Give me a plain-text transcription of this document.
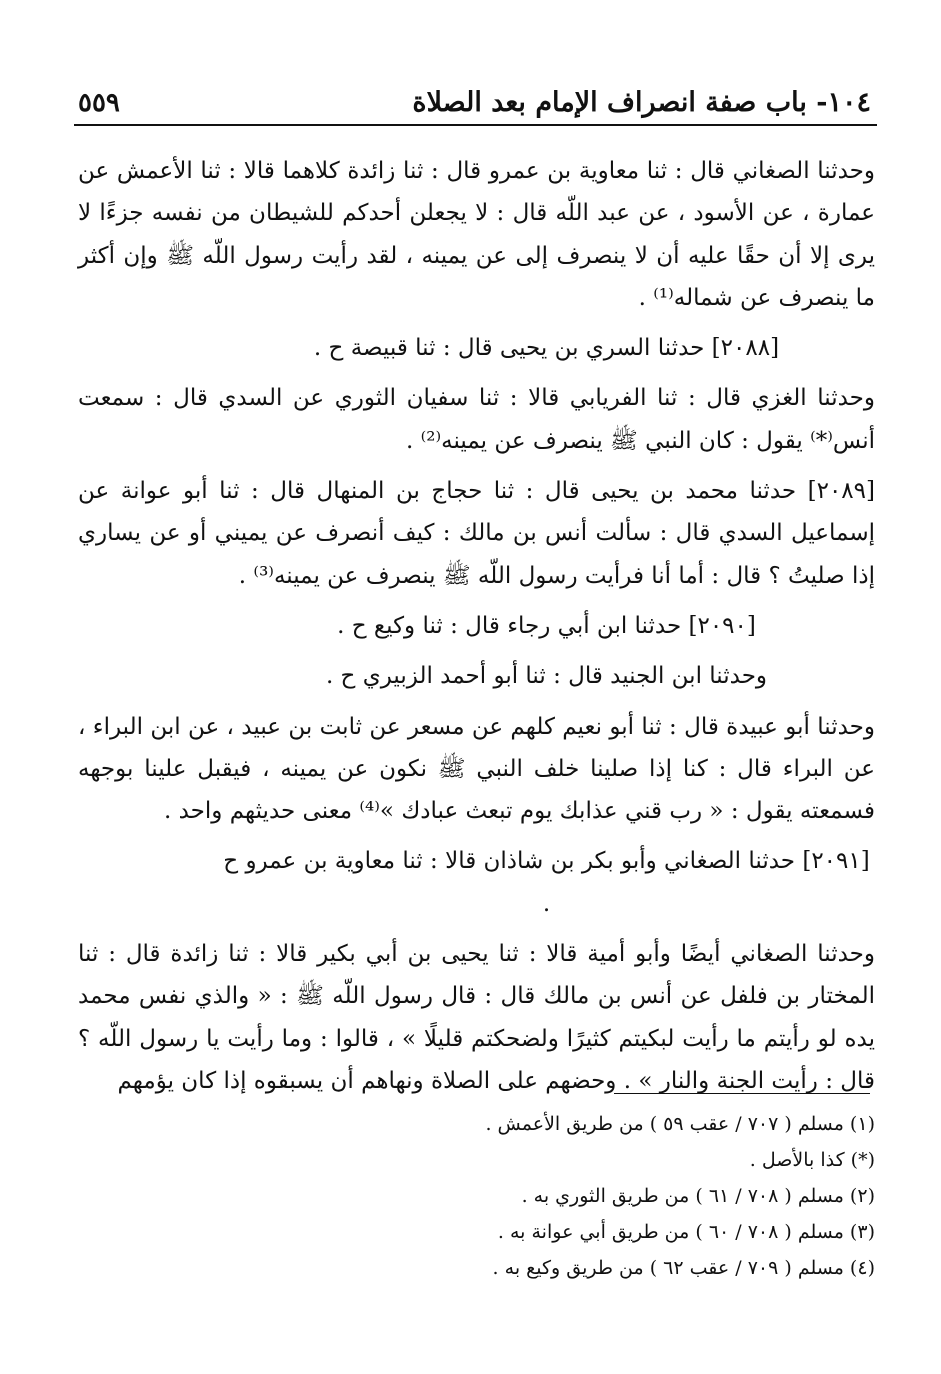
١٠٤- باب صفة انصراف الإمام بعد الصلاة
٥٥٩

وحدثنا الصغاني قال : ثنا معاوية بن عمرو قال : ثنا زائدة كلاهما قالا : ثنا الأعمش عن عمارة ، عن الأسود ، عن عبد اللّه قال : لا يجعلن أحدكم للشيطان من نفسه جزءًا لا يرى إلا أن حقًا عليه أن لا ينصرف إلى عن يمينه ، لقد رأيت رسول اللّه ﷺ وإن أكثر ما ينصرف عن شماله⁽¹⁾ .

[٢٠٨٨] حدثنا السري بن يحيى قال : ثنا قبيصة ح .

وحدثنا الغزي قال : ثنا الفريابي قالا : ثنا سفيان الثوري عن السدي قال : سمعت أنس⁽*⁾ يقول : كان النبي ﷺ ينصرف عن يمينه⁽²⁾ .

[٢٠٨٩] حدثنا محمد بن يحيى قال : ثنا حجاج بن المنهال قال : ثنا أبو عوانة عن إسماعيل السدي قال : سألت أنس بن مالك : كيف أنصرف عن يميني أو عن يساري إذا صليتُ ؟ قال : أما أنا فرأيت رسول اللّه ﷺ ينصرف عن يمينه⁽³⁾ .

[٢٠٩٠] حدثنا ابن أبي رجاء قال : ثنا وكيع ح .

وحدثنا ابن الجنيد قال : ثنا أبو أحمد الزبيري ح .

وحدثنا أبو عبيدة قال : ثنا أبو نعيم كلهم عن مسعر عن ثابت بن عبيد ، عن ابن البراء ، عن البراء قال : كنا إذا صلينا خلف النبي ﷺ نكون عن يمينه ، فيقبل علينا بوجهه فسمعته يقول : « رب قني عذابك يوم تبعث عبادك »⁽⁴⁾ معنى حديثهم واحد .

[٢٠٩١] حدثنا الصغاني وأبو بكر بن شاذان قالا : ثنا معاوية بن عمرو ح .

وحدثنا الصغاني أيضًا وأبو أمية قالا : ثنا يحيى بن أبي بكير قالا : ثنا زائدة قال : ثنا المختار بن فلفل عن أنس بن مالك قال : قال رسول اللّه ﷺ : « والذي نفس محمد يده لو رأيتم ما رأيت لبكيتم كثيرًا ولضحكتم قليلًا » ، قالوا : وما رأيت يا رسول اللّه ؟ قال : رأيت الجنة والنار » . وحضهم على الصلاة ونهاهم أن يسبقوه إذا كان يؤمهم

(١) مسلم ( ٧٠٧ / عقب ٥٩ ) من طريق الأعمش .

(*) كذا بالأصل .

(٢) مسلم ( ٧٠٨ / ٦١ ) من طريق الثوري به .

(٣) مسلم ( ٧٠٨ / ٦٠ ) من طريق أبي عوانة به .

(٤) مسلم ( ٧٠٩ / عقب ٦٢ ) من طريق وكيع به .
